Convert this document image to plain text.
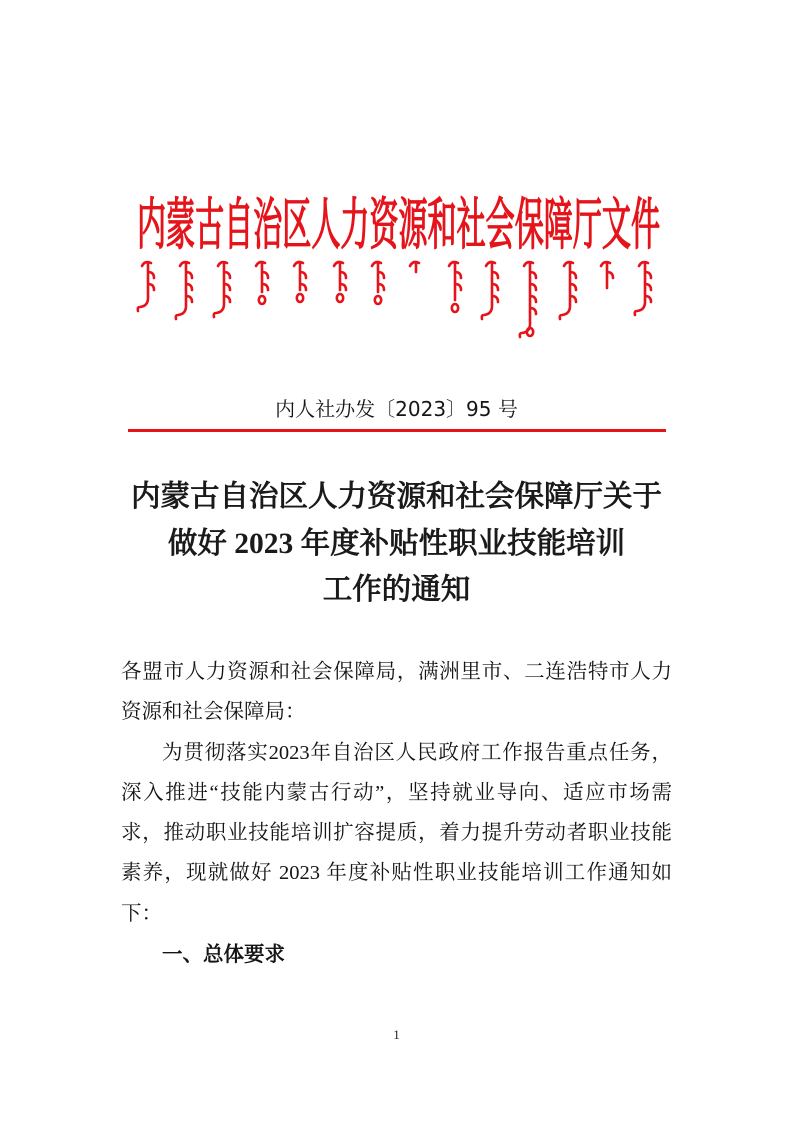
内蒙古自治区人力资源和社会保障厅文件
内人社办发〔2023〕95 号
内蒙古自治区人力资源和社会保障厅关于
做好 2023 年度补贴性职业技能培训
工作的通知
各盟市人力资源和社会保障局，满洲里市、二连浩特市人力
资源和社会保障局：
为贯彻落实2023年自治区人民政府工作报告重点任务，
深入推进“技能内蒙古行动”，坚持就业导向、适应市场需
求，推动职业技能培训扩容提质，着力提升劳动者职业技能
素养，现就做好 2023 年度补贴性职业技能培训工作通知如
下：
一、总体要求
1
